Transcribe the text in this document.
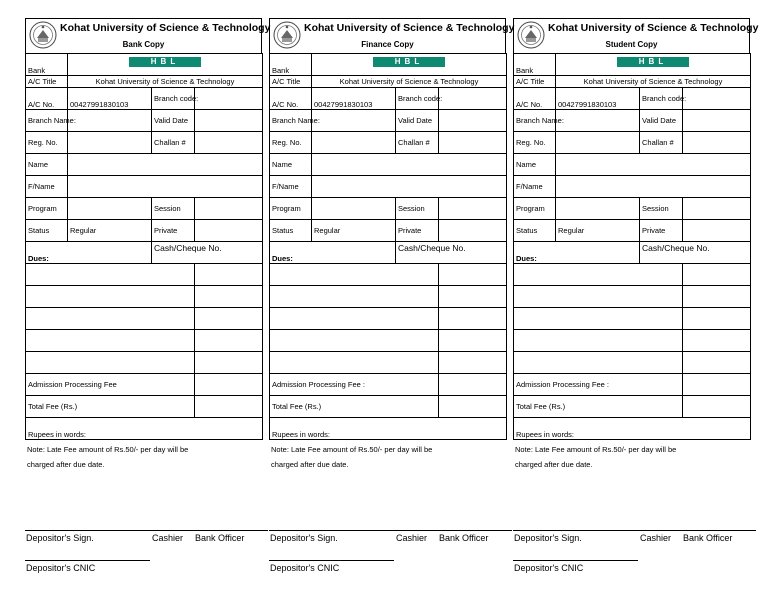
Kohat University of Science & Technology
Bank Copy
Bank	HBL		
A/C Title	Kohat University of Science & Technology		
A/C No.	00427991830103	Branch code:	
Branch Name:		Valid Date	
Reg. No.		Challan #	
Name			
F/Name			
Program		Session	
Status	Regular	Private	
Dues:		Cash/Cheque No.	

Admission Processing Fee			
Total Fee (Rs.)			
Rupees in words:			
Note: Late Fee amount of Rs.50/- per day will be
charged after due date.
Depositor's Sign.	Cashier Bank Officer
Depositor's CNIC
Kohat University of Science & Technology
Finance Copy
Bank	HBL		
A/C Title	Kohat University of Science & Technology		
A/C No.	00427991830103	Branch code:	
Branch Name:		Valid Date	
Reg. No.		Challan #	
Name			
F/Name			
Program		Session	
Status	Regular	Private	
Dues:		Cash/Cheque No.	

Admission Processing Fee :			
Total Fee (Rs.)			
Rupees in words:			
Note: Late Fee amount of Rs.50/- per day will be
charged after due date.
Depositor's Sign.	Cashier Bank Officer
Depositor's CNIC
Kohat University of Science & Technology
Student Copy
Bank	HBL		
A/C Title	Kohat University of Science & Technology		
A/C No.	00427991830103	Branch code:	
Branch Name:		Valid Date	
Reg. No.		Challan #	
Name			
F/Name			
Program		Session	
Status	Regular	Private	
Dues:		Cash/Cheque No.	

Admission Processing Fee :			
Total Fee (Rs.)			
Rupees in words:			
Note: Late Fee amount of Rs.50/- per day will be
charged after due date.
Depositor's Sign.	Cashier Bank Officer
Depositor's CNIC
